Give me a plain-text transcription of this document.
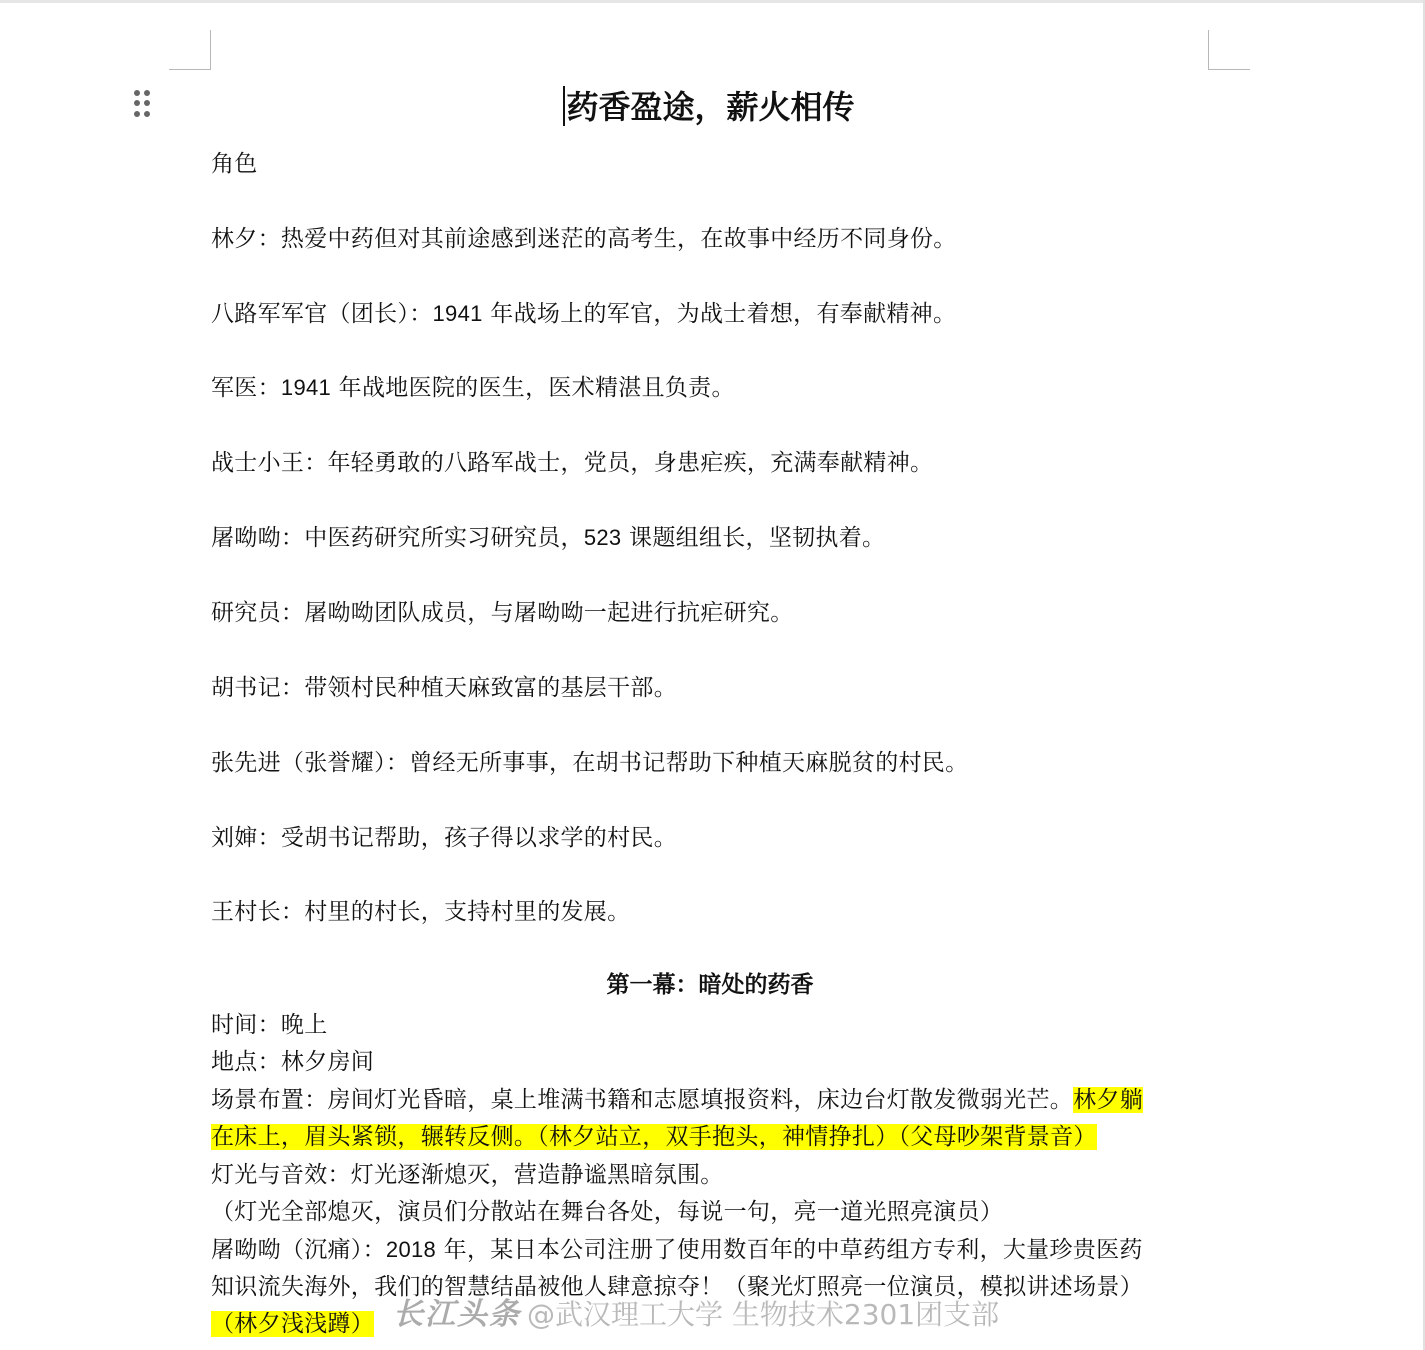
药香盈途，薪火相传
角色
林夕：热爱中药但对其前途感到迷茫的高考生，在故事中经历不同身份。
八路军军官（团长）：1941 年战场上的军官，为战士着想，有奉献精神。
军医：1941 年战地医院的医生，医术精湛且负责。
战士小王：年轻勇敢的八路军战士，党员，身患疟疾，充满奉献精神。
屠呦呦：中医药研究所实习研究员，523 课题组组长，坚韧执着。
研究员：屠呦呦团队成员，与屠呦呦一起进行抗疟研究。
胡书记：带领村民种植天麻致富的基层干部。
张先进（张誉耀）：曾经无所事事，在胡书记帮助下种植天麻脱贫的村民。
刘婶：受胡书记帮助，孩子得以求学的村民。
王村长：村里的村长，支持村里的发展。
第一幕：暗处的药香
时间：晚上
地点：林夕房间
场景布置：房间灯光昏暗，桌上堆满书籍和志愿填报资料，床边台灯散发微弱光芒。林夕躺
在床上，眉头紧锁，辗转反侧。（林夕站立，双手抱头，神情挣扎）（父母吵架背景音）
灯光与音效：灯光逐渐熄灭，营造静谧黑暗氛围。
（灯光全部熄灭，演员们分散站在舞台各处，每说一句，亮一道光照亮演员）
屠呦呦（沉痛）：2018 年，某日本公司注册了使用数百年的中草药组方专利，大量珍贵医药
知识流失海外，我们的智慧结晶被他人肆意掠夺！（聚光灯照亮一位演员，模拟讲述场景）
（林夕浅浅蹲） 长江头条 @武汉理工大学 生物技术2301团支部
